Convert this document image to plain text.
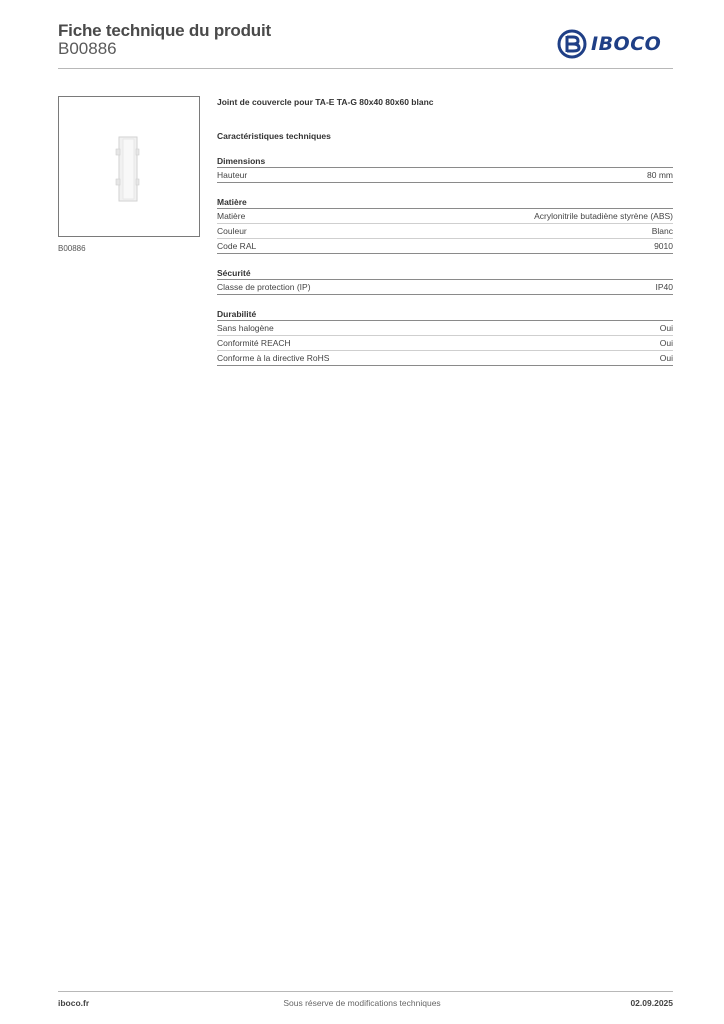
Fiche technique du produit
B00886	IBOCO
B00886
Joint de couvercle pour TA-E TA-G 80x40 80x60 blanc
Caractéristiques techniques
Dimensions
Hauteur	80 mm
Matière
Matière	Acrylonitrile butadiène styrène (ABS)
Couleur	Blanc
Code RAL	9010
Sécurité
Classe de protection (IP)	IP40
Durabilité
Sans halogène	Oui
Conformité REACH	Oui
Conforme à la directive RoHS	Oui
iboco.fr	Sous réserve de modifications techniques	02.09.2025
